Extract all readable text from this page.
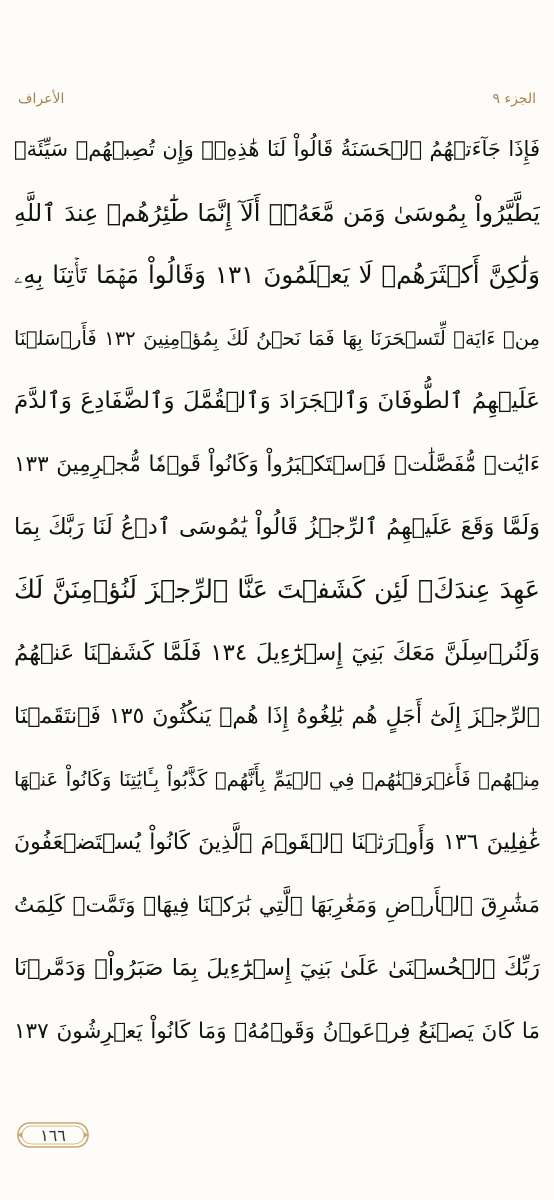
الأعراف	الجزء ٩
فَإِذَا جَآءَتۡهُمُ ٱلۡحَسَنَةُ قَالُواْ لَنَا هَٰذِهِۦۖ وَإِن تُصِبۡهُمۡ سَيِّئَةٞ
يَطَّيَّرُواْ بِمُوسَىٰ وَمَن مَّعَهُۥٓۗ أَلَآ إِنَّمَا طَٰٓئِرُهُمۡ عِندَ ٱللَّهِ
وَلَٰكِنَّ أَكۡثَرَهُمۡ لَا يَعۡلَمُونَ ١٣١ وَقَالُواْ مَهۡمَا تَأۡتِنَا بِهِۦ
مِنۡ ءَايَةٖ لِّتَسۡحَرَنَا بِهَا فَمَا نَحۡنُ لَكَ بِمُؤۡمِنِينَ ١٣٢ فَأَرۡسَلۡنَا
عَلَيۡهِمُ ٱلطُّوفَانَ وَٱلۡجَرَادَ وَٱلۡقُمَّلَ وَٱلضَّفَادِعَ وَٱلدَّمَ
ءَايَٰتٖ مُّفَصَّلَٰتٖ فَٱسۡتَكۡبَرُواْ وَكَانُواْ قَوۡمٗا مُّجۡرِمِينَ ١٣٣
وَلَمَّا وَقَعَ عَلَيۡهِمُ ٱلرِّجۡزُ قَالُواْ يَٰمُوسَى ٱدۡعُ لَنَا رَبَّكَ بِمَا
عَهِدَ عِندَكَۖ لَئِن كَشَفۡتَ عَنَّا ٱلرِّجۡزَ لَنُؤۡمِنَنَّ لَكَ
وَلَنُرۡسِلَنَّ مَعَكَ بَنِيٓ إِسۡرَٰٓءِيلَ ١٣٤ فَلَمَّا كَشَفۡنَا عَنۡهُمُ
ٱلرِّجۡزَ إِلَىٰٓ أَجَلٍ هُم بَٰلِغُوهُ إِذَا هُمۡ يَنكُثُونَ ١٣٥ فَٱنتَقَمۡنَا
مِنۡهُمۡ فَأَغۡرَقۡنَٰهُمۡ فِي ٱلۡيَمِّ بِأَنَّهُمۡ كَذَّبُواْ بِـَٔايَٰتِنَا وَكَانُواْ عَنۡهَا
غَٰفِلِينَ ١٣٦ وَأَوۡرَثۡنَا ٱلۡقَوۡمَ ٱلَّذِينَ كَانُواْ يُسۡتَضۡعَفُونَ
مَشَٰرِقَ ٱلۡأَرۡضِ وَمَغَٰرِبَهَا ٱلَّتِي بَٰرَكۡنَا فِيهَاۖ وَتَمَّتۡ كَلِمَتُ
رَبِّكَ ٱلۡحُسۡنَىٰ عَلَىٰ بَنِيٓ إِسۡرَٰٓءِيلَ بِمَا صَبَرُواْۖ وَدَمَّرۡنَا
مَا كَانَ يَصۡنَعُ فِرۡعَوۡنُ وَقَوۡمُهُۥ وَمَا كَانُواْ يَعۡرِشُونَ ١٣٧
١٦٦
